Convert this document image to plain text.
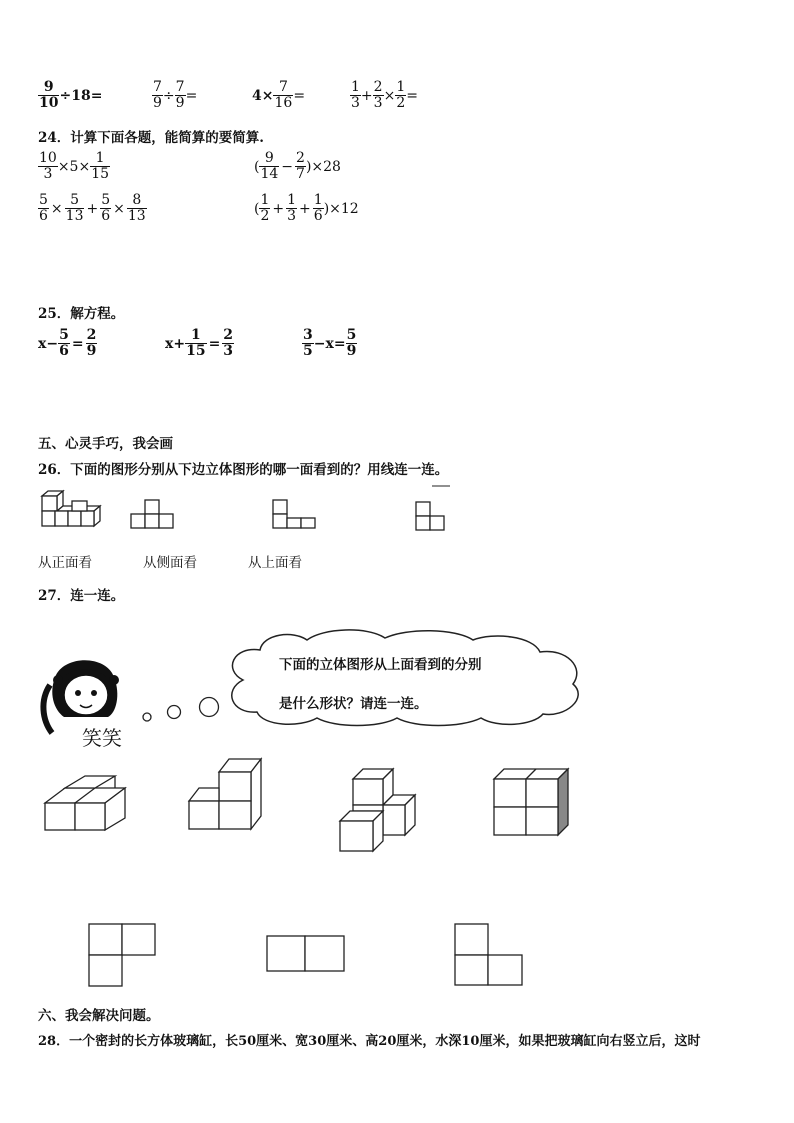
$\frac{9}{10} \div 18=$	$\frac{7}{9} \div \frac{7}{9}$ =	$4\times \frac{7}{16}$ =	$\frac{1}{3} + \frac{2}{3} \times \frac{1}{2}$ =
24．计算下面各题，能简算的要简算.
$\frac{10}{3} \times 5\times \frac{1}{15}$	( $\frac{9}{14} - \frac{2}{7} )\times 28$
$\frac{5}{6} \times \frac{5}{13} + \frac{5}{6} \times \frac{8}{13}$	( $\frac{1}{2} + \frac{1}{3} + \frac{1}{6} )\times 12$
25．解方程。
$x- \frac{5}{6} = \frac{2}{9}$	$x+ \frac{1}{15} = \frac{2}{3}$	$\frac{3}{5} -x= \frac{5}{9}$
五、心灵手巧，我会画
26．下面的图形分别从下边立体图形的哪一面看到的？用线连一连。
从正面看	从侧面看	从上面看
27．连一连。
笑笑
下面的立体图形从上面看到的分别
是什么形状？请连一连。
六、我会解决问题。
28．一个密封的长方体玻璃缸，长50厘米、宽30厘米、高20厘米，水深10厘米，如果把玻璃缸向右竖立后，这时
